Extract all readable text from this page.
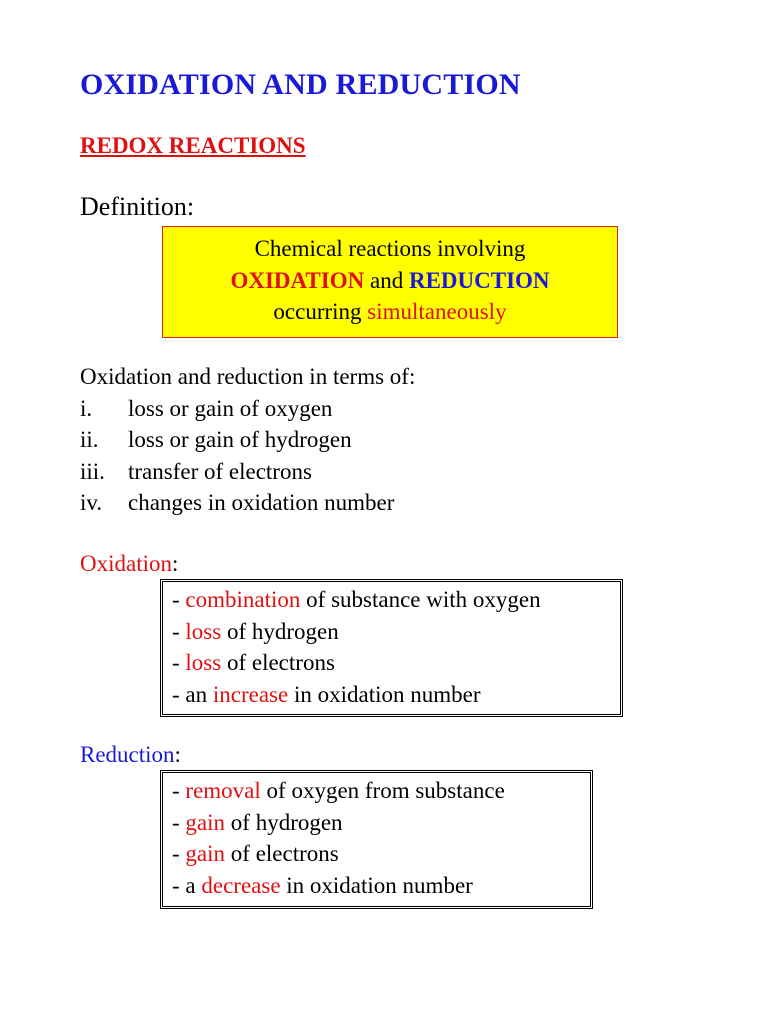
OXIDATION AND REDUCTION
REDOX REACTIONS
Definition:
Chemical reactions involving
OXIDATION and REDUCTION
occurring simultaneously
Oxidation and reduction in terms of:
i. loss or gain of oxygen
ii. loss or gain of hydrogen
iii. transfer of electrons
iv. changes in oxidation number
Oxidation:
- combination of substance with oxygen
- loss of hydrogen
- loss of electrons
- an increase in oxidation number
Reduction:
- removal of oxygen from substance
- gain of hydrogen
- gain of electrons
- a decrease in oxidation number
